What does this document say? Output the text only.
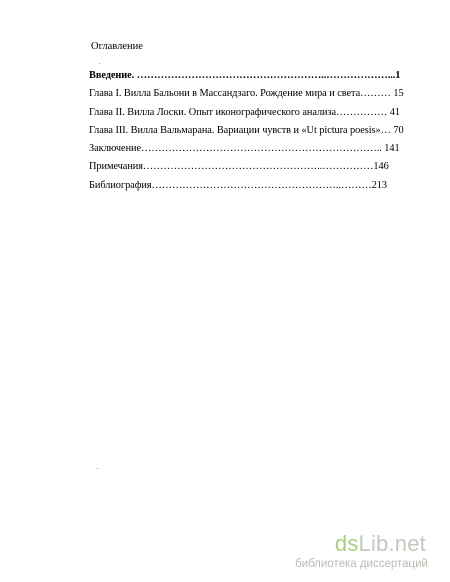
Оглавление
Введение. ………………………………………………..………………...1
Глава I. Вилла Бальони в Массандзаго. Рождение мира и света……… 15
Глава II. Вилла Лоски. Опыт иконографического анализа…………… 41
Глава III. Вилла Вальмарана. Вариации чувств и «Ut pictura poesis»… 70
Заключение…………………………………………………………….. 141
Примечания……………………………………………..……………146
Библиография………………………………………………..………213
dsLib.net
библиотека диссертаций
